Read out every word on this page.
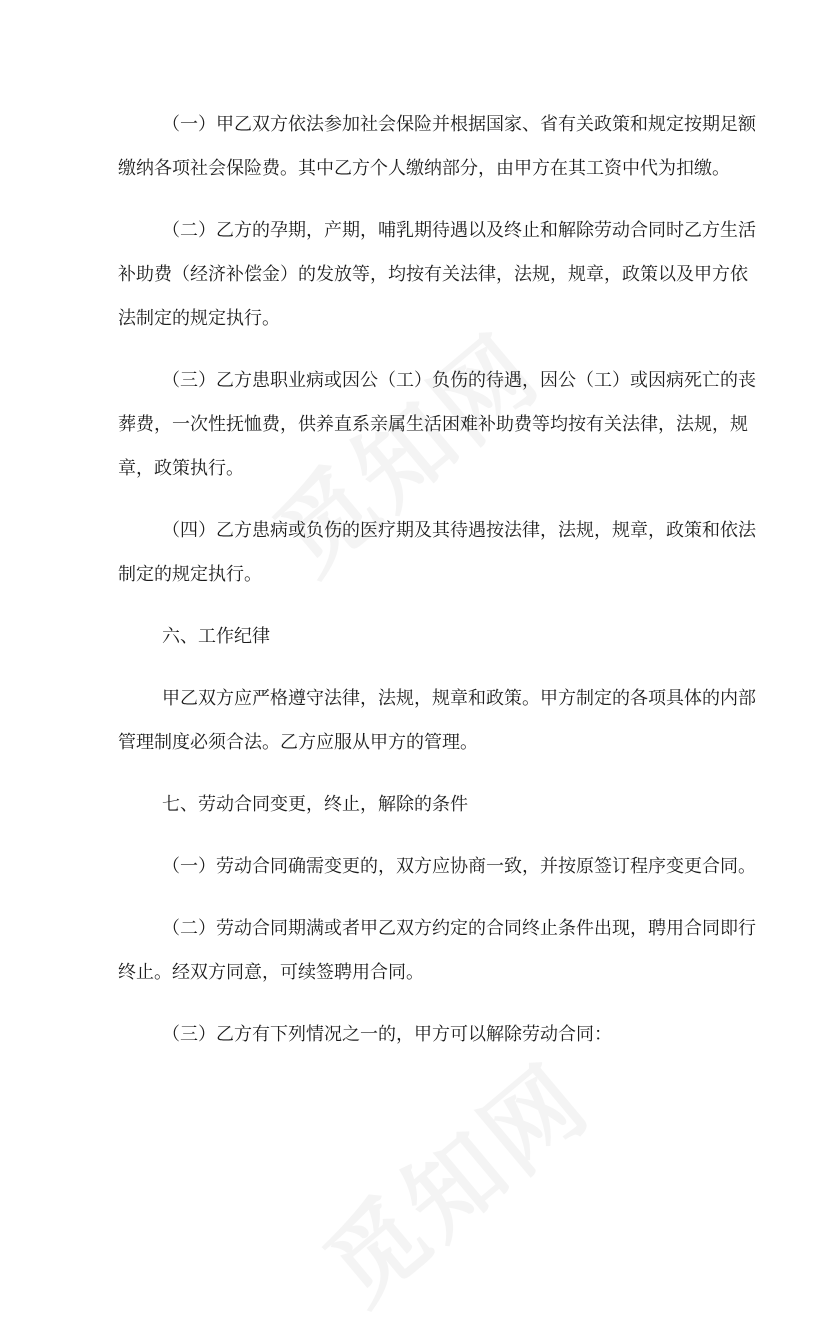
（一）甲乙双方依法参加社会保险并根据国家、省有关政策和规定按期足额

缴纳各项社会保险费。其中乙方个人缴纳部分，由甲方在其工资中代为扣缴。

（二）乙方的孕期，产期，哺乳期待遇以及终止和解除劳动合同时乙方生活

补助费（经济补偿金）的发放等，均按有关法律，法规，规章，政策以及甲方依

法制定的规定执行。

（三）乙方患职业病或因公（工）负伤的待遇，因公（工）或因病死亡的丧

葬费，一次性抚恤费，供养直系亲属生活困难补助费等均按有关法律，法规，规

章，政策执行。

（四）乙方患病或负伤的医疗期及其待遇按法律，法规，规章，政策和依法

制定的规定执行。

六、工作纪律

甲乙双方应严格遵守法律，法规，规章和政策。甲方制定的各项具体的内部

管理制度必须合法。乙方应服从甲方的管理。

七、劳动合同变更，终止，解除的条件

（一）劳动合同确需变更的，双方应协商一致，并按原签订程序变更合同。

（二）劳动合同期满或者甲乙双方约定的合同终止条件出现，聘用合同即行

终止。经双方同意，可续签聘用合同。

（三）乙方有下列情况之一的，甲方可以解除劳动合同：
